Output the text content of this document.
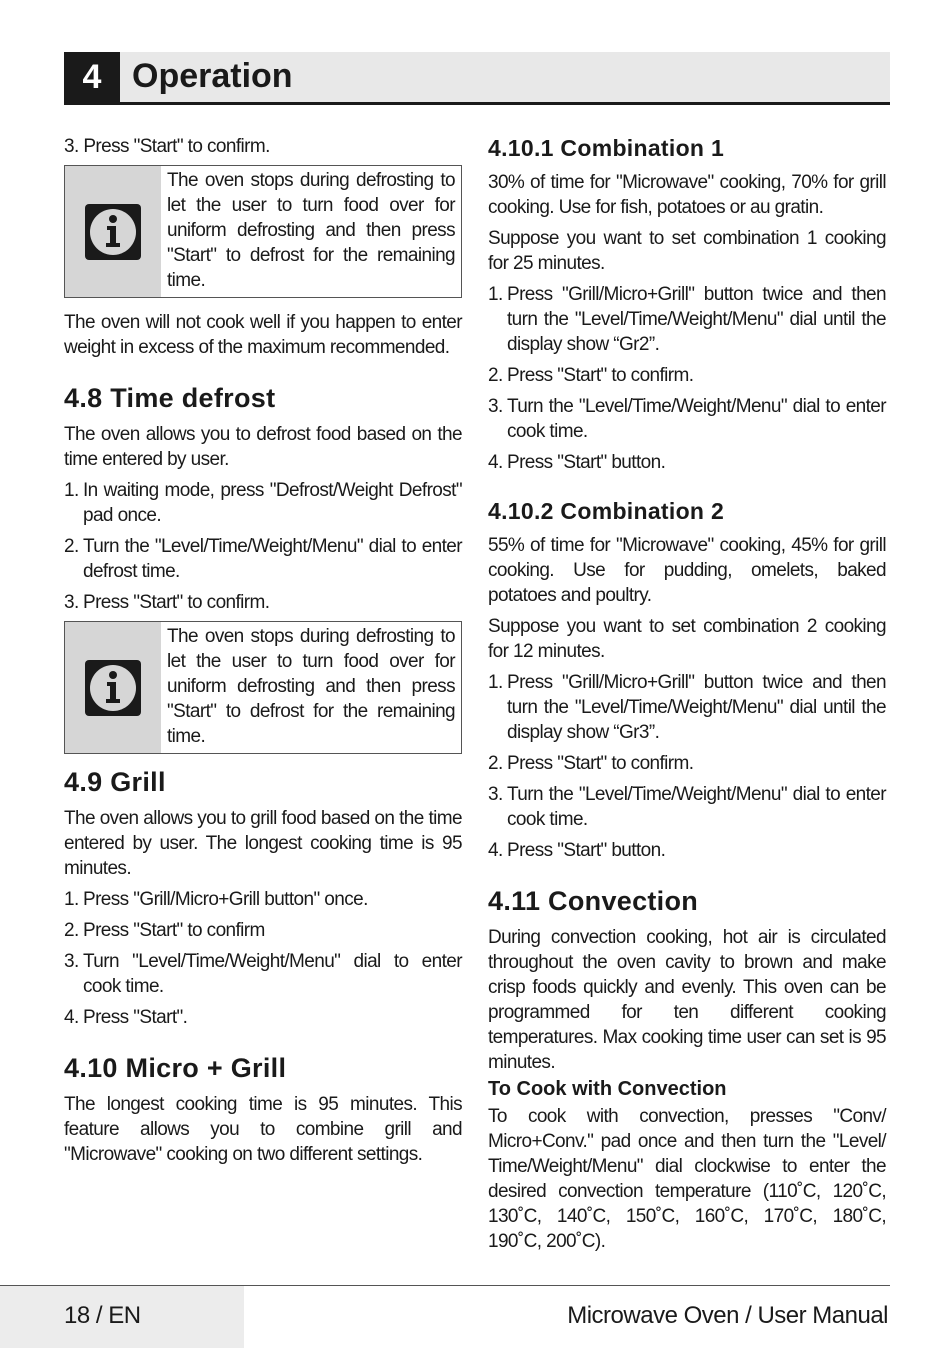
4 Operation

3. Press "Start" to confirm.

The oven stops during defrosting to let the user to turn food over for uniform defrosting and then press "Start" to defrost for the remaining time.

The oven will not cook well if you happen to enter weight in excess of the maximum recommended.

4.8 Time defrost

The oven allows you to defrost food based on the time entered by user.

1. In waiting mode, press "Defrost/Weight Defrost" pad once.
2. Turn the "Level/Time/Weight/Menu" dial to enter defrost time.
3. Press "Start" to confirm.
The oven stops during defrosting to let the user to turn food over for uniform defrosting and then press "Start" to defrost for the remaining time.
4.9 Grill

The oven allows you to grill food based on the time entered by user. The longest cooking time is 95 minutes.

1. Press "Grill/Micro+Grill button" once.
2. Press "Start" to confirm
3. Turn "Level/Time/Weight/Menu" dial to enter cook time.
4. Press "Start".
4.10 Micro + Grill

The longest cooking time is 95 minutes. This feature allows you to combine grill and "Microwave" cooking on two different settings.

4.10.1 Combination 1

30% of time for "Microwave" cooking, 70% for grill cooking. Use for fish, potatoes or au gratin.

Suppose you want to set combination 1 cooking for 25 minutes.

1. Press "Grill/Micro+Grill" button twice and then turn the "Level/Time/Weight/Menu" dial until the display show “Gr2”.
2. Press "Start" to confirm.
3. Turn the "Level/Time/Weight/Menu" dial to enter cook time.
4. Press "Start" button.
4.10.2 Combination 2

55% of time for "Microwave" cooking, 45% for grill cooking. Use for pudding, omelets, baked potatoes and poultry.

Suppose you want to set combination 2 cooking for 12 minutes.

1. Press "Grill/Micro+Grill" button twice and then turn the "Level/Time/Weight/Menu" dial until the display show “Gr3”.
2. Press "Start" to confirm.
3. Turn the "Level/Time/Weight/Menu" dial to enter cook time.
4. Press "Start" button.
4.11 Convection

During convection cooking, hot air is circulated throughout the oven cavity to brown and make crisp foods quickly and evenly. This oven can be programmed for ten different cooking temperatures. Max cooking time user can set is 95 minutes.

To Cook with Convection

To cook with convection, presses "Conv/ Micro+Conv." pad once and then turn the "Level/ Time/Weight/Menu" dial clockwise to enter the desired convection temperature (110˚C, 120˚C, 130˚C, 140˚C, 150˚C, 160˚C, 170˚C, 180˚C, 190˚C, 200˚C).

18 / EN	Microwave Oven / User Manual
